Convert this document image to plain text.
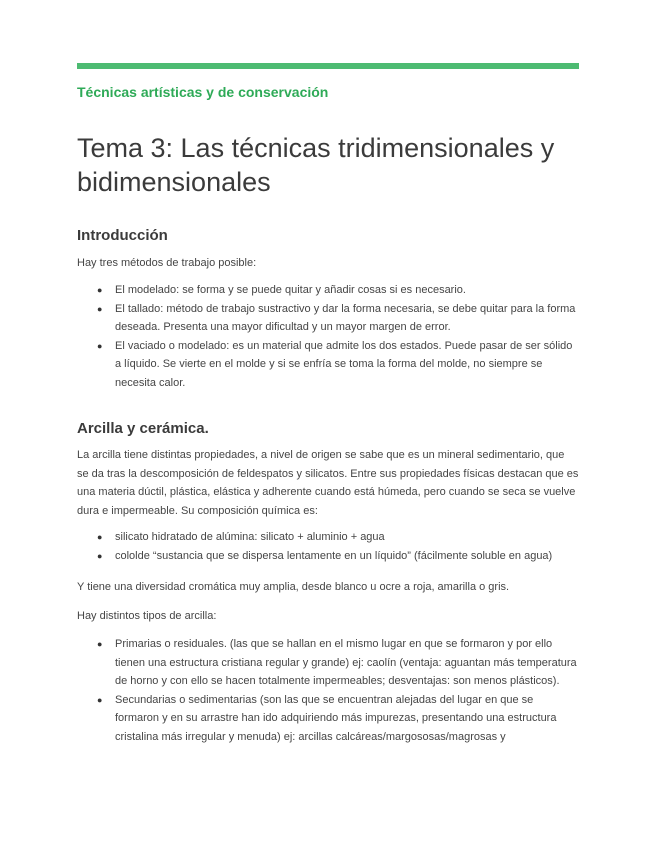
Técnicas artísticas y de conservación
Tema 3: Las técnicas tridimensionales y bidimensionales
Introducción

Hay tres métodos de trabajo posible:

● El modelado: se forma y se puede quitar y añadir cosas si es necesario.
● El tallado: método de trabajo sustractivo y dar la forma necesaria, se debe quitar para la forma deseada. Presenta una mayor dificultad y un mayor margen de error.
● El vaciado o modelado: es un material que admite los dos estados. Puede pasar de ser sólido a líquido. Se vierte en el molde y si se enfría se toma la forma del molde, no siempre se necesita calor.
Arcilla y cerámica.

La arcilla tiene distintas propiedades, a nivel de origen se sabe que es un mineral sedimentario, que se da tras la descomposición de feldespatos y silicatos. Entre sus propiedades físicas destacan que es una materia dúctil, plástica, elástica y adherente cuando está húmeda, pero cuando se seca se vuelve dura e impermeable. Su composición química es:

● silicato hidratado de alúmina: silicato + aluminio + agua
● cololde “sustancia que se dispersa lentamente en un líquido” (fácilmente soluble en agua)

Y tiene una diversidad cromática muy amplia, desde blanco u ocre a roja, amarilla o gris.

Hay distintos tipos de arcilla:

● Primarias o residuales. (las que se hallan en el mismo lugar en que se formaron y por ello tienen una estructura cristiana regular y grande) ej: caolín (ventaja: aguantan más temperatura de horno y con ello se hacen totalmente impermeables; desventajas: son menos plásticos).
● Secundarias o sedimentarias (son las que se encuentran alejadas del lugar en que se formaron y en su arrastre han ido adquiriendo más impurezas, presentando una estructura cristalina más irregular y menuda) ej: arcillas calcáreas/margososas/magrosas y
